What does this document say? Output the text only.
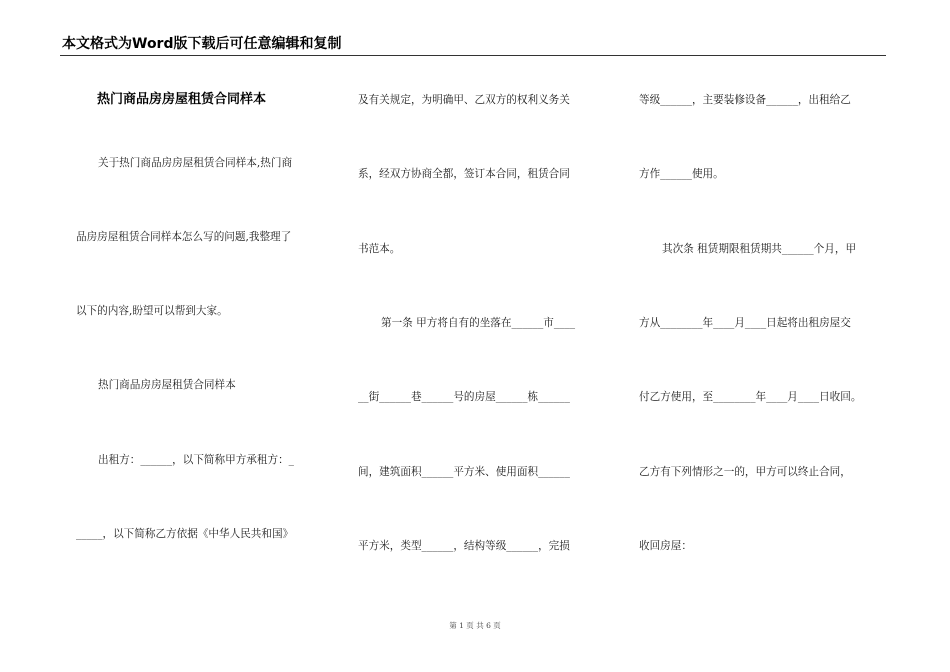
本文格式为Word版下载后可任意编辑和复制
热门商品房房屋租赁合同样本
关于热门商品房房屋租赁合同样本,热门商
品房房屋租赁合同样本怎么写的问题,我整理了
以下的内容,盼望可以帮到大家。
热门商品房房屋租赁合同样本
出租方：______，以下简称甲方承租方：_
_____，以下简称乙方依据《中华人民共和国》
及有关规定，为明确甲、乙双方的权利义务关
系，经双方协商全都，签订本合同，租赁合同
书范本。
第一条 甲方将自有的坐落在______市____
__街______巷______号的房屋______栋______
间，建筑面积______平方米、使用面积______
平方米，类型______，结构等级______，完损
等级______，主要装修设备______，出租给乙
方作______使用。
其次条 租赁期限租赁期共______个月，甲
方从________年____月____日起将出租房屋交
付乙方使用，至________年____月____日收回。
乙方有下列情形之一的，甲方可以终止合同，
收回房屋：
第 1 页 共 6 页
